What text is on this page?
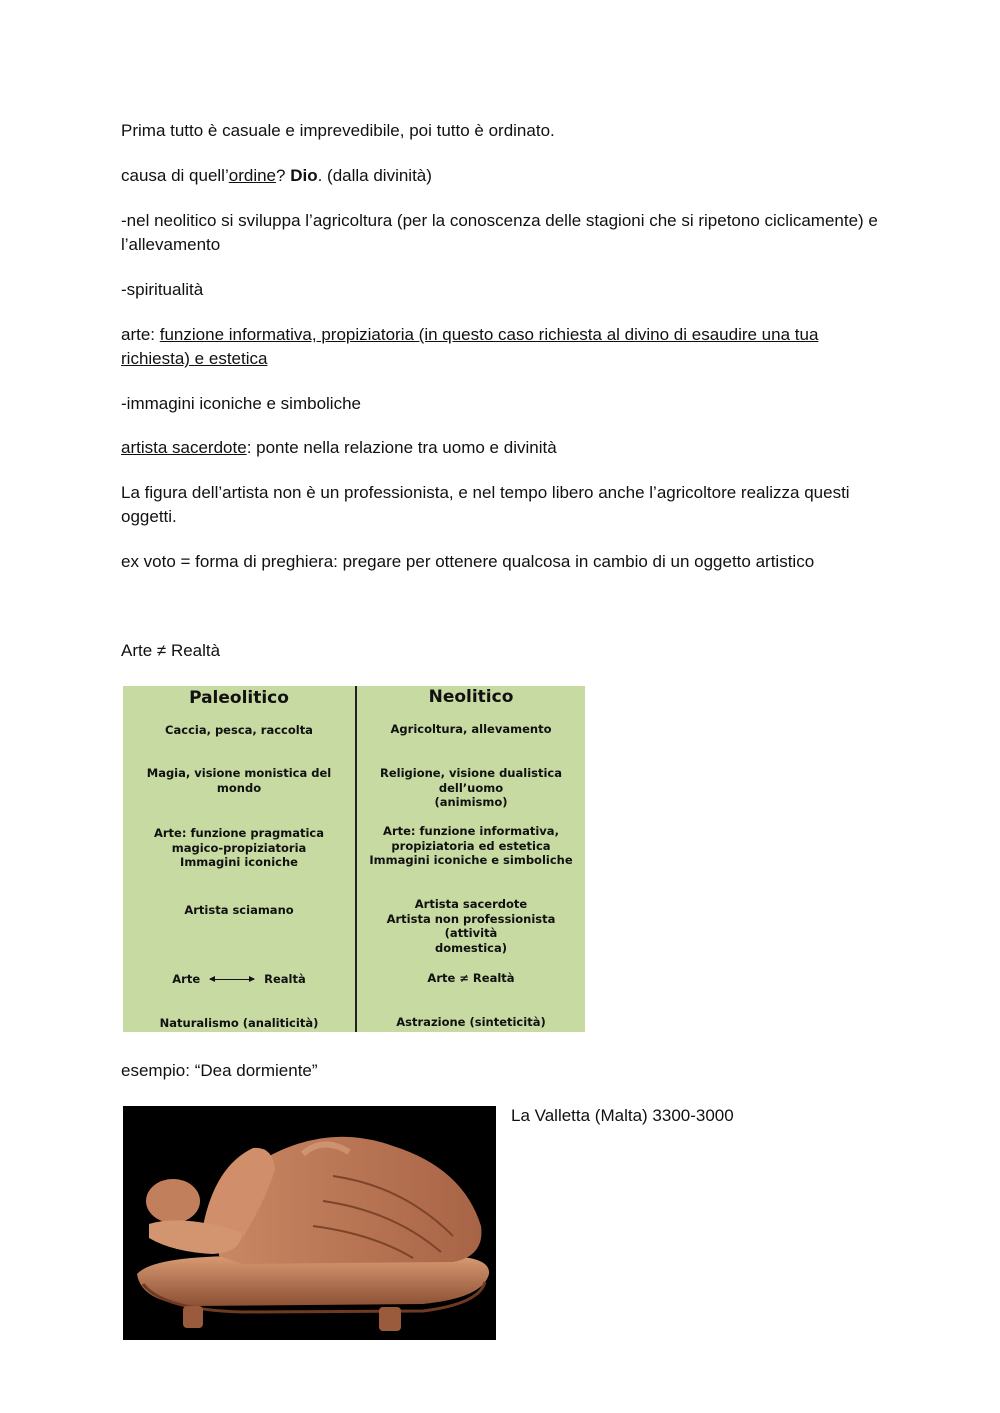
Prima tutto è casuale e imprevedibile, poi tutto è ordinato.

causa di quell’ordine? Dio. (dalla divinità)

-nel neolitico si sviluppa l’agricoltura (per la conoscenza delle stagioni che si ripetono ciclicamente) e l’allevamento

-spiritualità

arte: funzione informativa, propiziatoria (in questo caso richiesta al divino di esaudire una tua richiesta) e estetica

-immagini iconiche e simboliche

artista sacerdote: ponte nella relazione tra uomo e divinità

La figura dell’artista non è un professionista, e nel tempo libero anche l’agricoltore realizza questi oggetti.

ex voto = forma di preghiera: pregare per ottenere qualcosa in cambio di un oggetto artistico

Arte ≠ Realtà

Paleolitico
Caccia, pesca, raccolta
Magia, visione monistica del mondo
Arte: funzione pragmatica
magico-propiziatoria
Immagini iconiche
Artista sciamano
Arte	Realtà
Naturalismo (analiticità)
Neolitico
Agricoltura, allevamento
Religione, visione dualistica dell’uomo
(animismo)
Arte: funzione informativa,
propiziatoria ed estetica
Immagini iconiche e simboliche
Artista sacerdote
Artista non professionista (attività
domestica)
Arte ≠ Realtà
Astrazione (sinteticità)

esempio: “Dea dormiente”

La Valletta (Malta) 3300-3000
